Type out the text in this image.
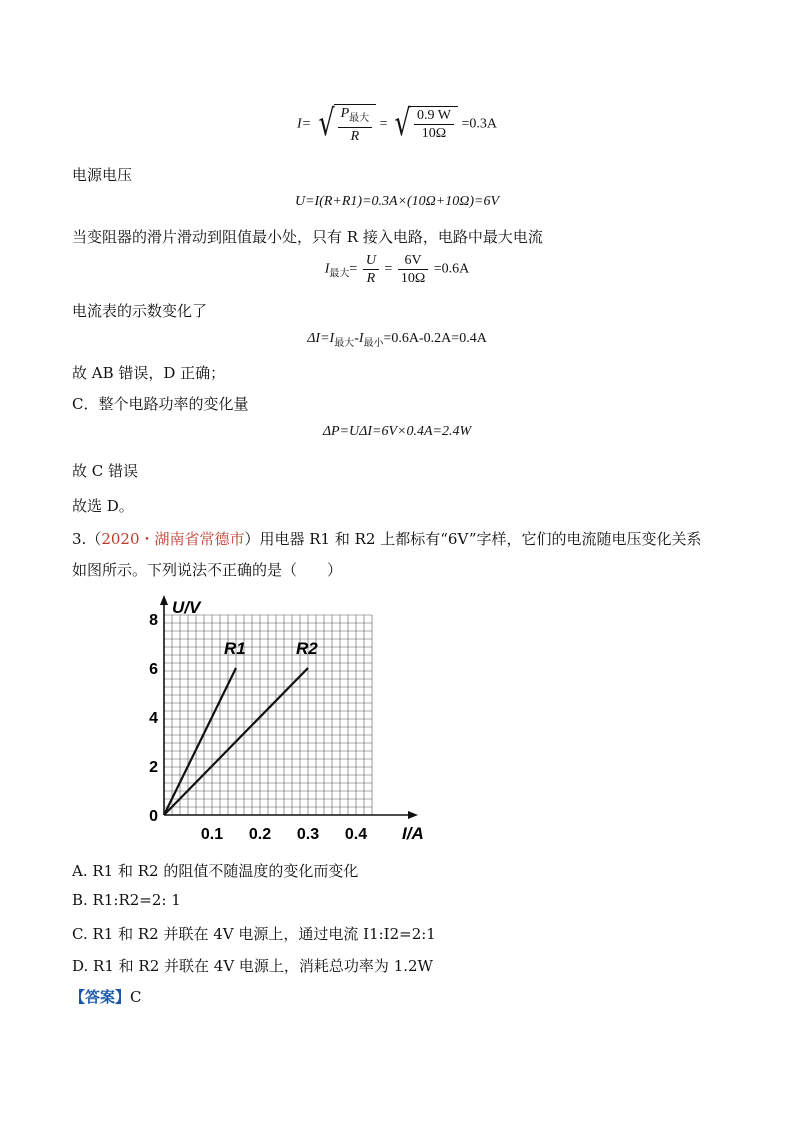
I= √ $\frac{P_{最大}}{R}$ = √ $\frac{0.9 W}{10\Omega} =0.3A$
电源电压
U=I(R+R1)=0.3A×(10Ω+10Ω)=6V
当变阻器的滑片滑动到阻值最小处，只有 R 接入电路，电路中最大电流
$I_{最大}= \frac{U}{R} = \frac{6V}{10\Omega} =0.6A$
电流表的示数变化了
$\Delta I=I_{最大}-I_{最小}=0.6A-0.2A=0.4A$
故 AB 错误，D 正确；
C．整个电路功率的变化量
ΔP=UΔI=6V×0.4A=2.4W
故 C 错误
故选 D。
3.（2020・湖南省常德市）用电器 R1 和 R2 上都标有“6V”字样，它们的电流随电压变化关系
如图所示。下列说法不正确的是（　　）
U/V
I/A
0
2
4
6
8
0.1 0.2 0.3 0.4
R1	R2
A. R1 和 R2 的阻值不随温度的变化而变化
B. R1:R2=2: 1
C. R1 和 R2 并联在 4V 电源上，通过电流 I1:I2=2:1
D. R1 和 R2 并联在 4V 电源上，消耗总功率为 1.2W
【答案】C
